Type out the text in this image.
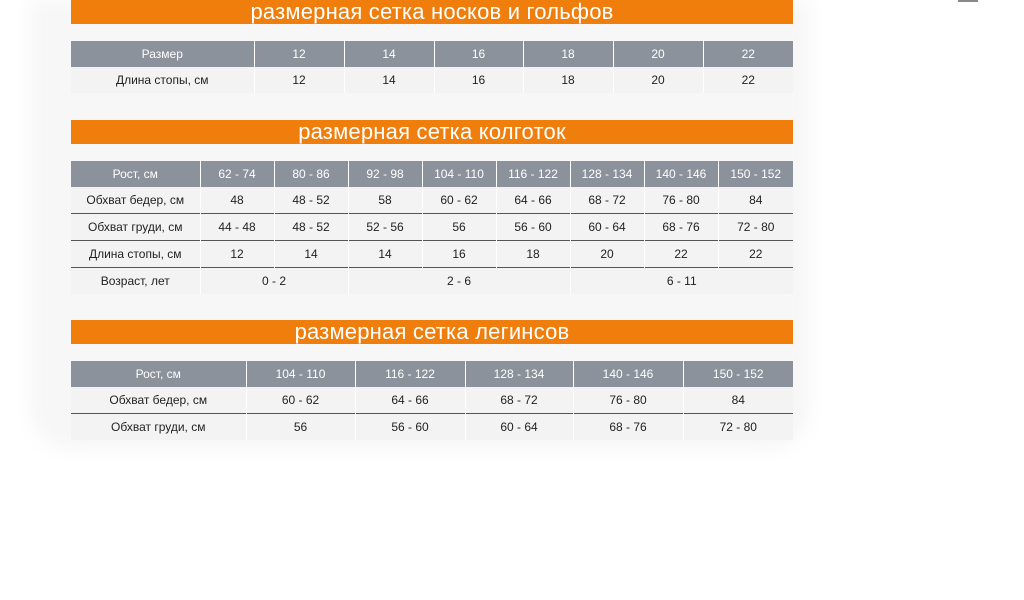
размерная сетка носков и гольфов
Размер	12	14	16	18	20	22
Длина стопы, см	12	14	16	18	20	22
размерная сетка колготок
Рост, см	62 - 74	80 - 86	92 - 98	104 - 110	116 - 122	128 - 134	140 - 146	150 - 152
Обхват бедер, см	48	48 - 52	58	60 - 62	64 - 66	68 - 72	76 - 80	84
Обхват груди, см	44 - 48	48 - 52	52 - 56	56	56 - 60	60 - 64	68 - 76	72 - 80
Длина стопы, см	12	14	14	16	18	20	22	22
Возраст, лет	0 - 2		2 - 6			6 - 11		
размерная сетка легинсов
Рост, см	104 - 110	116 - 122	128 - 134	140 - 146	150 - 152
Обхват бедер, см	60 - 62	64 - 66	68 - 72	76 - 80	84
Обхват груди, см	56	56 - 60	60 - 64	68 - 76	72 - 80
